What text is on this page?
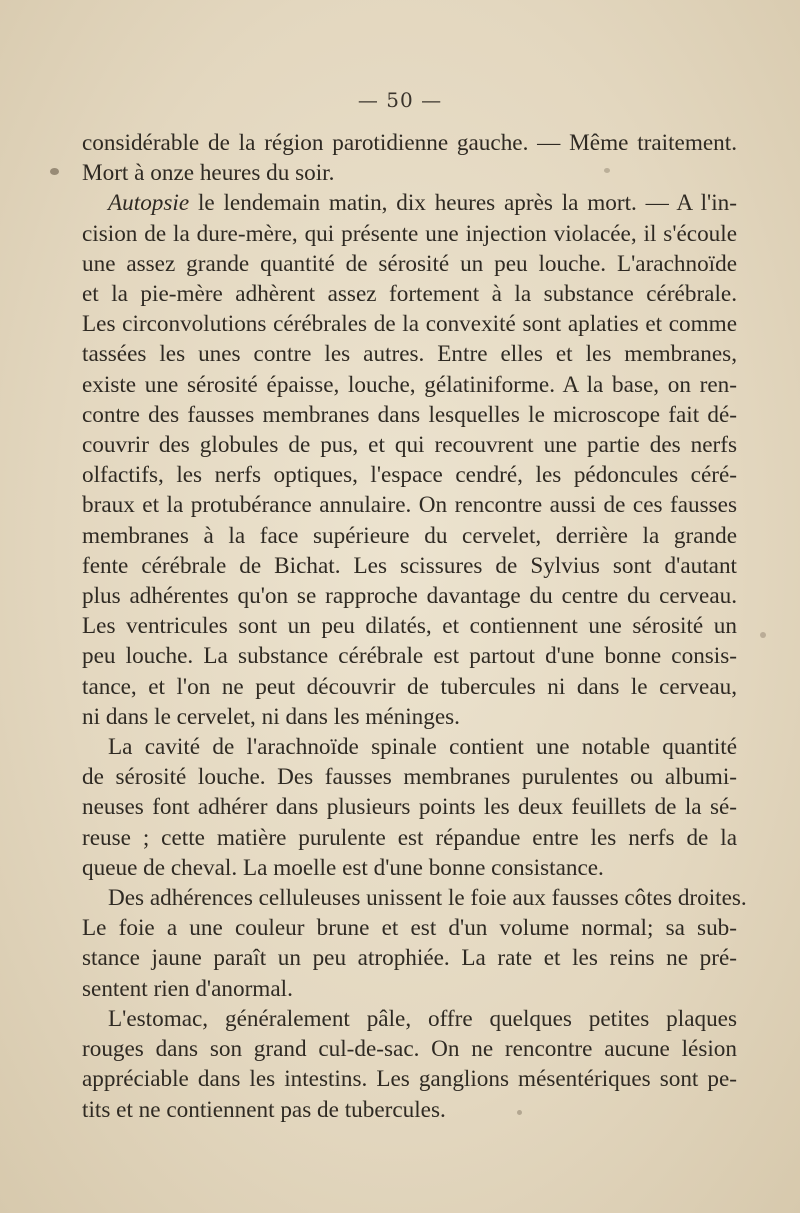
— 50 —
considérable de la région parotidienne gauche. — Même traitement.
Mort à onze heures du soir.
Autopsie le lendemain matin, dix heures après la mort. — A l'in-
cision de la dure-mère, qui présente une injection violacée, il s'écoule
une assez grande quantité de sérosité un peu louche. L'arachnoïde
et la pie-mère adhèrent assez fortement à la substance cérébrale.
Les circonvolutions cérébrales de la convexité sont aplaties et comme
tassées les unes contre les autres. Entre elles et les membranes,
existe une sérosité épaisse, louche, gélatiniforme. A la base, on ren-
contre des fausses membranes dans lesquelles le microscope fait dé-
couvrir des globules de pus, et qui recouvrent une partie des nerfs
olfactifs, les nerfs optiques, l'espace cendré, les pédoncules céré-
braux et la protubérance annulaire. On rencontre aussi de ces fausses
membranes à la face supérieure du cervelet, derrière la grande
fente cérébrale de Bichat. Les scissures de Sylvius sont d'autant
plus adhérentes qu'on se rapproche davantage du centre du cerveau.
Les ventricules sont un peu dilatés, et contiennent une sérosité un
peu louche. La substance cérébrale est partout d'une bonne consis-
tance, et l'on ne peut découvrir de tubercules ni dans le cerveau,
ni dans le cervelet, ni dans les méninges.
La cavité de l'arachnoïde spinale contient une notable quantité
de sérosité louche. Des fausses membranes purulentes ou albumi-
neuses font adhérer dans plusieurs points les deux feuillets de la sé-
reuse ; cette matière purulente est répandue entre les nerfs de la
queue de cheval. La moelle est d'une bonne consistance.
Des adhérences celluleuses unissent le foie aux fausses côtes droites.
Le foie a une couleur brune et est d'un volume normal; sa sub-
stance jaune paraît un peu atrophiée. La rate et les reins ne pré-
sentent rien d'anormal.
L'estomac, généralement pâle, offre quelques petites plaques
rouges dans son grand cul-de-sac. On ne rencontre aucune lésion
appréciable dans les intestins. Les ganglions mésentériques sont pe-
tits et ne contiennent pas de tubercules.
